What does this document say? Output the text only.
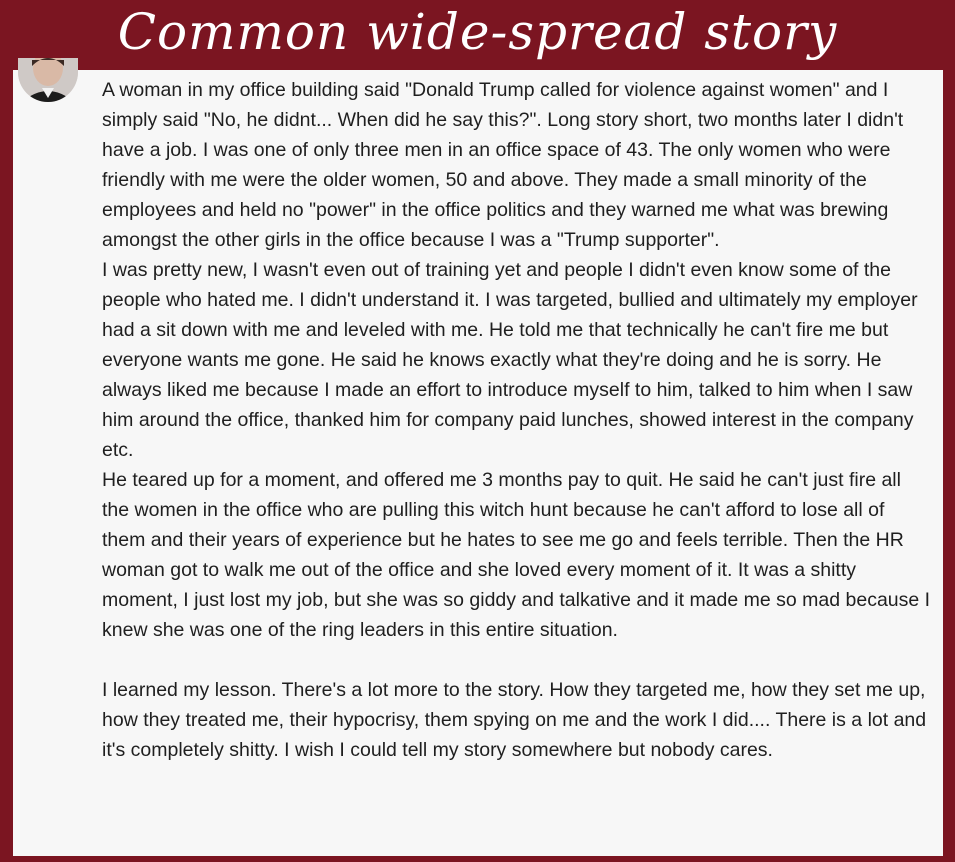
Common wide-spread story

A woman in my office building said "Donald Trump called for violence against women" and I simply said "No, he didnt... When did he say this?". Long story short, two months later I didn't have a job. I was one of only three men in an office space of 43. The only women who were friendly with me were the older women, 50 and above. They made a small minority of the employees and held no "power" in the office politics and they warned me what was brewing amongst the other girls in the office because I was a "Trump supporter".

I was pretty new, I wasn't even out of training yet and people I didn't even know some of the people who hated me. I didn't understand it. I was targeted, bullied and ultimately my employer had a sit down with me and leveled with me. He told me that technically he can't fire me but everyone wants me gone. He said he knows exactly what they're doing and he is sorry. He always liked me because I made an effort to introduce myself to him, talked to him when I saw him around the office, thanked him for company paid lunches, showed interest in the company etc.

He teared up for a moment, and offered me 3 months pay to quit. He said he can't just fire all the women in the office who are pulling this witch hunt because he can't afford to lose all of them and their years of experience but he hates to see me go and feels terrible. Then the HR woman got to walk me out of the office and she loved every moment of it. It was a shitty moment, I just lost my job, but she was so giddy and talkative and it made me so mad because I knew she was one of the ring leaders in this entire situation.

I learned my lesson. There's a lot more to the story. How they targeted me, how they set me up, how they treated me, their hypocrisy, them spying on me and the work I did.... There is a lot and it's completely shitty. I wish I could tell my story somewhere but nobody cares.
